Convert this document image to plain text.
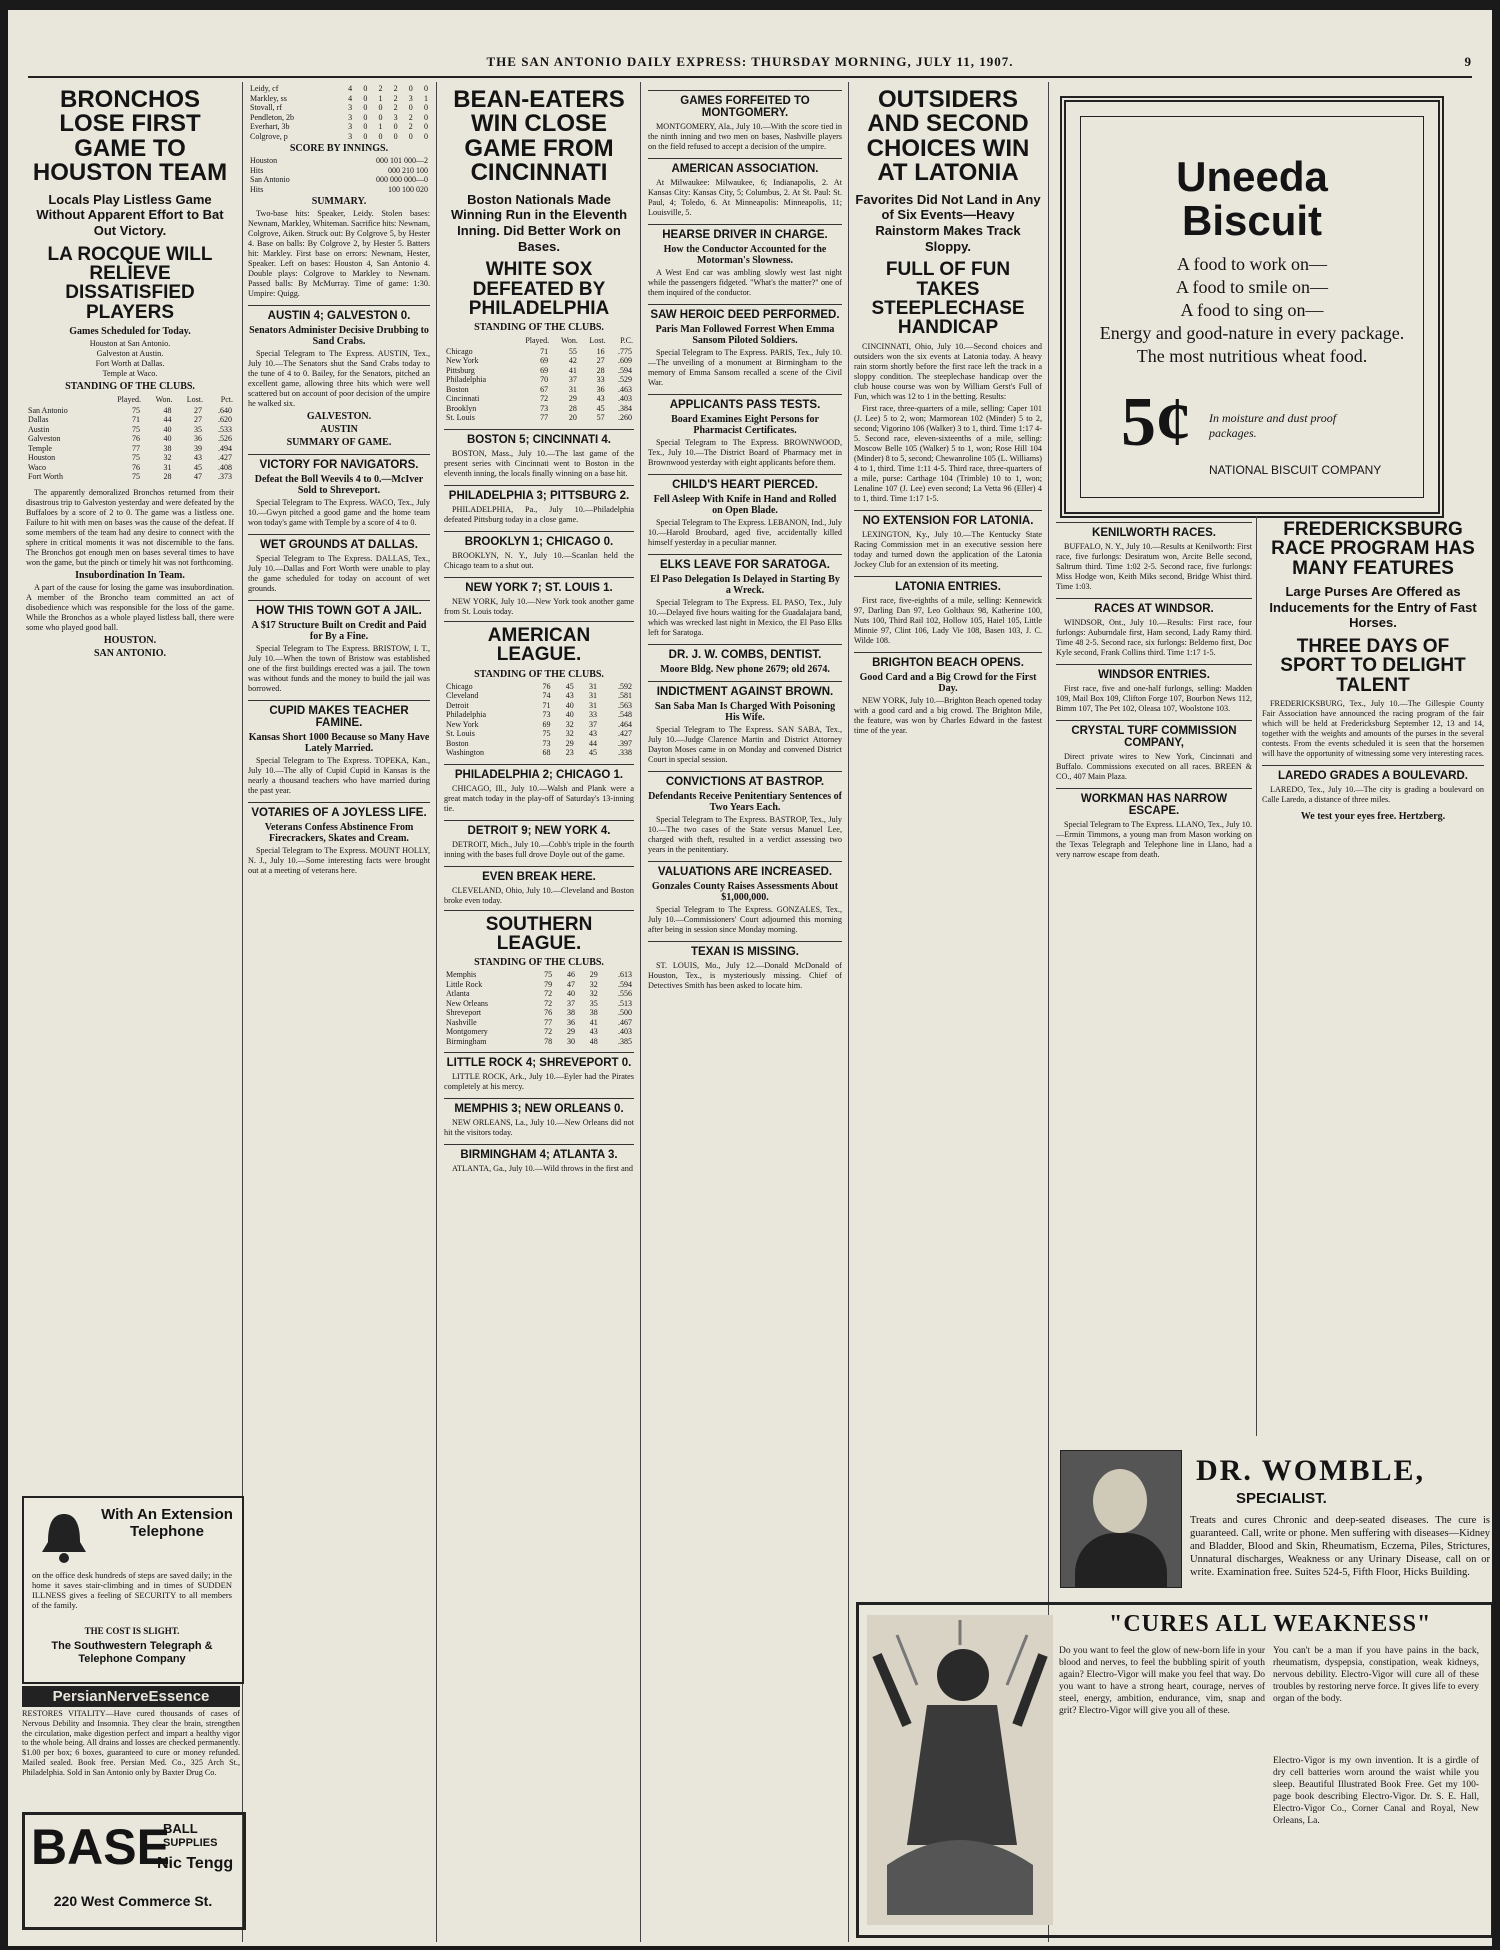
THE SAN ANTONIO DAILY EXPRESS: THURSDAY MORNING, JULY 11, 1907.	9
BRONCHOS LOSE FIRST GAME TO HOUSTON TEAM
Locals Play Listless Game Without Apparent Effort to Bat Out Victory.
LA ROCQUE WILL RELIEVE DISSATISFIED PLAYERS
Games Scheduled for Today.
Houston at San Antonio.
Galveston at Austin.
Fort Worth at Dallas.
Temple at Waco.
STANDING OF THE CLUBS.
	Played.	Won.	Lost.	Pct.
San Antonio	75	48	27	.640
Dallas	71	44	27	.620
Austin	75	40	35	.533
Galveston	76	40	36	.526
Temple	77	38	39	.494
Houston	75	32	43	.427
Waco	76	31	45	.408
Fort Worth	75	28	47	.373

The apparently demoralized Bronchos returned from their disastrous trip to Galveston yesterday and were defeated by the Buffaloes by a score of 2 to 0. The game was a listless one. Failure to hit with men on bases was the cause of the defeat. If some members of the team had any desire to connect with the sphere in critical moments it was not discernible to the fans. The Bronchos got enough men on bases several times to have won the game, but the pinch or timely hit was not forthcoming.

Insubordination In Team.

A part of the cause for losing the game was insubordination. A member of the Broncho team committed an act of disobedience which was responsible for the loss of the game. While the Bronchos as a whole played listless ball, there were some who played good ball.

HOUSTON.
SAN ANTONIO.
With An Extension Telephone
on the office desk hundreds of steps are saved daily; in the home it saves stair-climbing and in times of SUDDEN ILLNESS gives a feeling of SECURITY to all members of the family.
THE COST IS SLIGHT.
The Southwestern Telegraph & Telephone Company
PersianNerveEssence
RESTORES VITALITY—Have cured thousands of cases of Nervous Debility and Insomnia. They clear the brain, strengthen the circulation, make digestion perfect and impart a healthy vigor to the whole being. All drains and losses are checked permanently. $1.00 per box; 6 boxes, guaranteed to cure or money refunded. Mailed sealed. Book free. Persian Med. Co., 325 Arch St., Philadelphia. Sold in San Antonio only by Baxter Drug Co.
BASE
BALL
SUPPLIES
Nic Tengg
220 West Commerce St.
Leidy, cf	4	0	2	2	0	0
Markley, ss	4	0	1	2	3	1
Stovall, rf	3	0	0	2	0	0
Pendleton, 2b	3	0	0	3	2	0
Everhart, 3b	3	0	1	0	2	0
Colgrove, p	3	0	0	0	0	0
SCORE BY INNINGS.
Houston	000 101 000—2
Hits	000 210 100
San Antonio	000 000 000—0
Hits	100 100 020
SUMMARY.

Two-base hits: Speaker, Leidy. Stolen bases: Newnam, Markley, Whiteman. Sacrifice hits: Newnam, Colgrove, Aiken. Struck out: By Colgrove 5, by Hester 4. Base on balls: By Colgrove 2, by Hester 5. Batters hit: Markley. First base on errors: Newnam, Hester, Speaker. Left on bases: Houston 4, San Antonio 4. Double plays: Colgrove to Markley to Newnam. Passed balls: By McMurray. Time of game: 1:30. Umpire: Quigg.

AUSTIN 4; GALVESTON 0.
Senators Administer Decisive Drubbing to Sand Crabs.

Special Telegram to The Express. AUSTIN, Tex., July 10.—The Senators shut the Sand Crabs today to the tune of 4 to 0. Bailey, for the Senators, pitched an excellent game, allowing three hits which were well scattered but on account of poor decision of the umpire he walked six.

GALVESTON.
AUSTIN
SUMMARY OF GAME.
VICTORY FOR NAVIGATORS.
Defeat the Boll Weevils 4 to 0.—McIver Sold to Shreveport.

Special Telegram to The Express. WACO, Tex., July 10.—Gwyn pitched a good game and the home team won today's game with Temple by a score of 4 to 0.

WET GROUNDS AT DALLAS.

Special Telegram to The Express. DALLAS, Tex., July 10.—Dallas and Fort Worth were unable to play the game scheduled for today on account of wet grounds.

HOW THIS TOWN GOT A JAIL.
A $17 Structure Built on Credit and Paid for By a Fine.

Special Telegram to The Express. BRISTOW, I. T., July 10.—When the town of Bristow was established one of the first buildings erected was a jail. The town was without funds and the money to build the jail was borrowed.

CUPID MAKES TEACHER FAMINE.
Kansas Short 1000 Because so Many Have Lately Married.

Special Telegram to The Express. TOPEKA, Kan., July 10.—The ally of Cupid Cupid in Kansas is the nearly a thousand teachers who have married during the past year.

VOTARIES OF A JOYLESS LIFE.
Veterans Confess Abstinence From Firecrackers, Skates and Cream.

Special Telegram to The Express. MOUNT HOLLY, N. J., July 10.—Some interesting facts were brought out at a meeting of veterans here.

BEAN-EATERS WIN CLOSE GAME FROM CINCINNATI
Boston Nationals Made Winning Run in the Eleventh Inning. Did Better Work on Bases.
WHITE SOX DEFEATED BY PHILADELPHIA
STANDING OF THE CLUBS.
	Played.	Won.	Lost.	P.C.
Chicago	71	55	16	.775
New York	69	42	27	.609
Pittsburg	69	41	28	.594
Philadelphia	70	37	33	.529
Boston	67	31	36	.463
Cincinnati	72	29	43	.403
Brooklyn	73	28	45	.384
St. Louis	77	20	57	.260
BOSTON 5; CINCINNATI 4.

BOSTON, Mass., July 10.—The last game of the present series with Cincinnati went to Boston in the eleventh inning, the locals finally winning on a base hit.

PHILADELPHIA 3; PITTSBURG 2.

PHILADELPHIA, Pa., July 10.—Philadelphia defeated Pittsburg today in a close game.

BROOKLYN 1; CHICAGO 0.

BROOKLYN, N. Y., July 10.—Scanlan held the Chicago team to a shut out.

NEW YORK 7; ST. LOUIS 1.

NEW YORK, July 10.—New York took another game from St. Louis today.

AMERICAN LEAGUE.
STANDING OF THE CLUBS.
Chicago	76	45	31	.592
Cleveland	74	43	31	.581
Detroit	71	40	31	.563
Philadelphia	73	40	33	.548
New York	69	32	37	.464
St. Louis	75	32	43	.427
Boston	73	29	44	.397
Washington	68	23	45	.338
PHILADELPHIA 2; CHICAGO 1.

CHICAGO, Ill., July 10.—Walsh and Plank were a great match today in the play-off of Saturday's 13-inning tie.

DETROIT 9; NEW YORK 4.

DETROIT, Mich., July 10.—Cobb's triple in the fourth inning with the bases full drove Doyle out of the game.

EVEN BREAK HERE.

CLEVELAND, Ohio, July 10.—Cleveland and Boston broke even today.

SOUTHERN LEAGUE.
STANDING OF THE CLUBS.
Memphis	75	46	29	.613
Little Rock	79	47	32	.594
Atlanta	72	40	32	.556
New Orleans	72	37	35	.513
Shreveport	76	38	38	.500
Nashville	77	36	41	.467
Montgomery	72	29	43	.403
Birmingham	78	30	48	.385
LITTLE ROCK 4; SHREVEPORT 0.

LITTLE ROCK, Ark., July 10.—Eyler had the Pirates completely at his mercy.

MEMPHIS 3; NEW ORLEANS 0.

NEW ORLEANS, La., July 10.—New Orleans did not hit the visitors today.

BIRMINGHAM 4; ATLANTA 3.

ATLANTA, Ga., July 10.—Wild throws in the first and

GAMES FORFEITED TO MONTGOMERY.

MONTGOMERY, Ala., July 10.—With the score tied in the ninth inning and two men on bases, Nashville players on the field refused to accept a decision of the umpire.

AMERICAN ASSOCIATION.

At Milwaukee: Milwaukee, 6; Indianapolis, 2. At Kansas City: Kansas City, 5; Columbus, 2. At St. Paul: St. Paul, 4; Toledo, 6. At Minneapolis: Minneapolis, 11; Louisville, 5.

HEARSE DRIVER IN CHARGE.
How the Conductor Accounted for the Motorman's Slowness.

A West End car was ambling slowly west last night while the passengers fidgeted. "What's the matter?" one of them inquired of the conductor.

SAW HEROIC DEED PERFORMED.
Paris Man Followed Forrest When Emma Sansom Piloted Soldiers.

Special Telegram to The Express. PARIS, Tex., July 10.—The unveiling of a monument at Birmingham to the memory of Emma Sansom recalled a scene of the Civil War.

APPLICANTS PASS TESTS.
Board Examines Eight Persons for Pharmacist Certificates.

Special Telegram to The Express. BROWNWOOD, Tex., July 10.—The District Board of Pharmacy met in Brownwood yesterday with eight applicants before them.

CHILD'S HEART PIERCED.
Fell Asleep With Knife in Hand and Rolled on Open Blade.

Special Telegram to The Express. LEBANON, Ind., July 10.—Harold Broubard, aged five, accidentally killed himself yesterday in a peculiar manner.

ELKS LEAVE FOR SARATOGA.
El Paso Delegation Is Delayed in Starting By a Wreck.

Special Telegram to The Express. EL PASO, Tex., July 10.—Delayed five hours waiting for the Guadalajara band, which was wrecked last night in Mexico, the El Paso Elks left for Saratoga.

DR. J. W. COMBS, DENTIST.
Moore Bldg. New phone 2679; old 2674.
INDICTMENT AGAINST BROWN.
San Saba Man Is Charged With Poisoning His Wife.

Special Telegram to The Express. SAN SABA, Tex., July 10.—Judge Clarence Martin and District Attorney Dayton Moses came in on Monday and convened District Court in special session.

CONVICTIONS AT BASTROP.
Defendants Receive Penitentiary Sentences of Two Years Each.

Special Telegram to The Express. BASTROP, Tex., July 10.—The two cases of the State versus Manuel Lee, charged with theft, resulted in a verdict assessing two years in the penitentiary.

VALUATIONS ARE INCREASED.
Gonzales County Raises Assessments About $1,000,000.

Special Telegram to The Express. GONZALES, Tex., July 10.—Commissioners' Court adjourned this morning after being in session since Monday morning.

TEXAN IS MISSING.

ST. LOUIS, Mo., July 12.—Donald McDonald of Houston, Tex., is mysteriously missing. Chief of Detectives Smith has been asked to locate him.

OUTSIDERS AND SECOND CHOICES WIN AT LATONIA
Favorites Did Not Land in Any of Six Events—Heavy Rainstorm Makes Track Sloppy.
FULL OF FUN TAKES STEEPLECHASE HANDICAP

CINCINNATI, Ohio, July 10.—Second choices and outsiders won the six events at Latonia today. A heavy rain storm shortly before the first race left the track in a sloppy condition. The steeplechase handicap over the club house course was won by William Gerst's Full of Fun, which was 12 to 1 in the betting. Results:

First race, three-quarters of a mile, selling: Caper 101 (J. Lee) 5 to 2, won; Marmorean 102 (Minder) 5 to 2, second; Vigorino 106 (Walker) 3 to 1, third. Time 1:17 4-5. Second race, eleven-sixteenths of a mile, selling: Moscow Belle 105 (Walker) 5 to 1, won; Rose Hill 104 (Minder) 8 to 5, second; Chewanroline 105 (L. Williams) 4 to 1, third. Time 1:11 4-5. Third race, three-quarters of a mile, purse: Carthage 104 (Trimble) 10 to 1, won; Lenaline 107 (J. Lee) even second; La Vetta 96 (Eller) 4 to 1, third. Time 1:17 1-5.

NO EXTENSION FOR LATONIA.

LEXINGTON, Ky., July 10.—The Kentucky State Racing Commission met in an executive session here today and turned down the application of the Latonia Jockey Club for an extension of its meeting.

LATONIA ENTRIES.

First race, five-eighths of a mile, selling: Kennewick 97, Darling Dan 97, Leo Golthaux 98, Katherine 100, Nuts 100, Third Rail 102, Hollow 105, Haiel 105, Little Minnie 97, Clint 106, Lady Vie 108, Basen 103, J. C. Wilde 108.

BRIGHTON BEACH OPENS.
Good Card and a Big Crowd for the First Day.

NEW YORK, July 10.—Brighton Beach opened today with a good card and a big crowd. The Brighton Mile, the feature, was won by Charles Edward in the fastest time of the year.

Uneeda
Biscuit
A food to work on—
A food to smile on—
A food to sing on—
Energy and good-nature in every package.
The most nutritious wheat food.
5¢ In moisture and dust proof packages.
NATIONAL BISCUIT COMPANY
KENILWORTH RACES.

BUFFALO, N. Y., July 10.—Results at Kenilworth: First race, five furlongs: Desiratum won, Arcite Belle second, Saltrum third. Time 1:02 2-5. Second race, five furlongs: Miss Hodge won, Keith Miks second, Bridge Whist third. Time 1:03.

RACES AT WINDSOR.

WINDSOR, Ont., July 10.—Results: First race, four furlongs: Auburndale first, Ham second, Lady Ramy third. Time 48 2-5. Second race, six furlongs: Beldemo first, Doc Kyle second, Frank Collins third. Time 1:17 1-5.

WINDSOR ENTRIES.

First race, five and one-half furlongs, selling: Madden 109, Mail Box 109, Clifton Forge 107, Bourbon News 112, Bimm 107, The Pet 102, Oleasa 107, Woolstone 103.

CRYSTAL TURF COMMISSION COMPANY,

Direct private wires to New York, Cincinnati and Buffalo. Commissions executed on all races. BREEN & CO., 407 Main Plaza.

WORKMAN HAS NARROW ESCAPE.

Special Telegram to The Express. LLANO, Tex., July 10.—Ermin Timmons, a young man from Mason working on the Texas Telegraph and Telephone line in Llano, had a very narrow escape from death.

FREDERICKSBURG RACE PROGRAM HAS MANY FEATURES
Large Purses Are Offered as Inducements for the Entry of Fast Horses.
THREE DAYS OF SPORT TO DELIGHT TALENT

FREDERICKSBURG, Tex., July 10.—The Gillespie County Fair Association have announced the racing program of the fair which will be held at Fredericksburg September 12, 13 and 14, together with the weights and amounts of the purses in the several contests. From the events scheduled it is seen that the horsemen will have the opportunity of witnessing some very interesting races.

LAREDO GRADES A BOULEVARD.

LAREDO, Tex., July 10.—The city is grading a boulevard on Calle Laredo, a distance of three miles.

We test your eyes free. Hertzberg.
DR. WOMBLE,
SPECIALIST.
Treats and cures Chronic and deep-seated diseases. The cure is guaranteed. Call, write or phone. Men suffering with diseases—Kidney and Bladder, Blood and Skin, Rheumatism, Eczema, Piles, Strictures, Unnatural discharges, Weakness or any Urinary Disease, call on or write. Examination free. Suites 524-5, Fifth Floor, Hicks Building.
"CURES ALL WEAKNESS"
Do you want to feel the glow of new-born life in your blood and nerves, to feel the bubbling spirit of youth again? Electro-Vigor will make you feel that way. Do you want to have a strong heart, courage, nerves of steel, energy, ambition, endurance, vim, snap and grit? Electro-Vigor will give you all of these.
You can't be a man if you have pains in the back, rheumatism, dyspepsia, constipation, weak kidneys, nervous debility. Electro-Vigor will cure all of these troubles by restoring nerve force. It gives life to every organ of the body.
Electro-Vigor is my own invention. It is a girdle of dry cell batteries worn around the waist while you sleep. Beautiful Illustrated Book Free. Get my 100-page book describing Electro-Vigor. Dr. S. E. Hall, Electro-Vigor Co., Corner Canal and Royal, New Orleans, La.
